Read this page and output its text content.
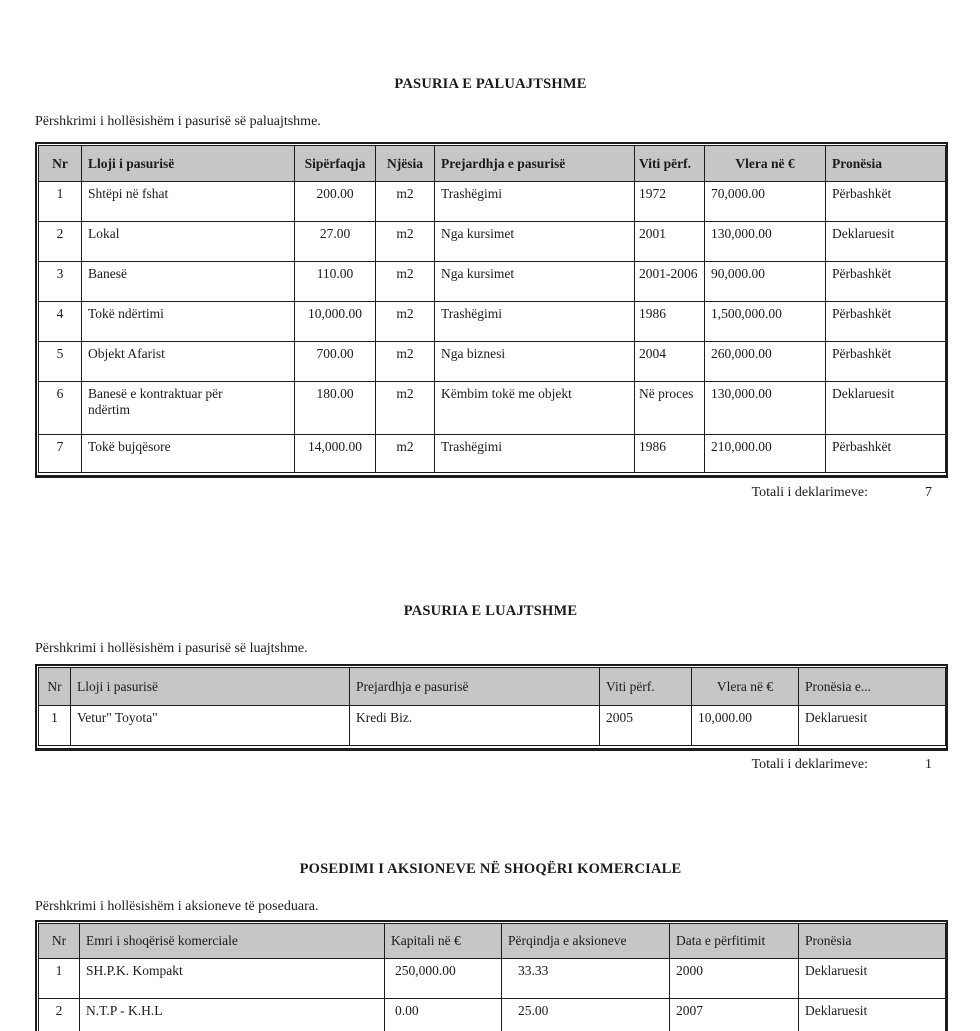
PASURIA E PALUAJTSHME

Përshkrimi i hollësishëm i pasurisë së paluajtshme.

Nr	Lloji i pasurisë	Sipërfaqja	Njësia	Prejardhja e pasurisë	Viti përf.	Vlera në €	Pronësia
1	Shtëpi në fshat	200.00	m2	Trashëgimi	1972	70,000.00	Përbashkët
2	Lokal	27.00	m2	Nga kursimet	2001	130,000.00	Deklaruesit
3	Banesë	110.00	m2	Nga kursimet	2001-2006	90,000.00	Përbashkët
4	Tokë ndërtimi	10,000.00	m2	Trashëgimi	1986	1,500,000.00	Përbashkët
5	Objekt Afarist	700.00	m2	Nga biznesi	2004	260,000.00	Përbashkët
6	Banesë e kontraktuar për ndërtim	180.00	m2	Këmbim tokë me objekt	Në proces	130,000.00	Deklaruesit
7	Tokë bujqësore	14,000.00	m2	Trashëgimi	1986	210,000.00	Përbashkët
Totali i deklarimeve:	7
PASURIA E LUAJTSHME

Përshkrimi i hollësishëm i pasurisë së luajtshme.

Nr	Lloji i pasurisë	Prejardhja e pasurisë	Viti përf.	Vlera në €	Pronësia e...
1	Vetur" Toyota"	Kredi Biz.	2005	10,000.00	Deklaruesit
Totali i deklarimeve:	1
POSEDIMI I AKSIONEVE NË SHOQËRI KOMERCIALE

Përshkrimi i hollësishëm i aksioneve të poseduara.

Nr	Emri i shoqërisë komerciale	Kapitali në €	Përqindja e aksioneve	Data e përfitimit	Pronësia
1	SH.P.K. Kompakt	250,000.00	33.33	2000	Deklaruesit
2	N.T.P - K.H.L	0.00	25.00	2007	Deklaruesit
